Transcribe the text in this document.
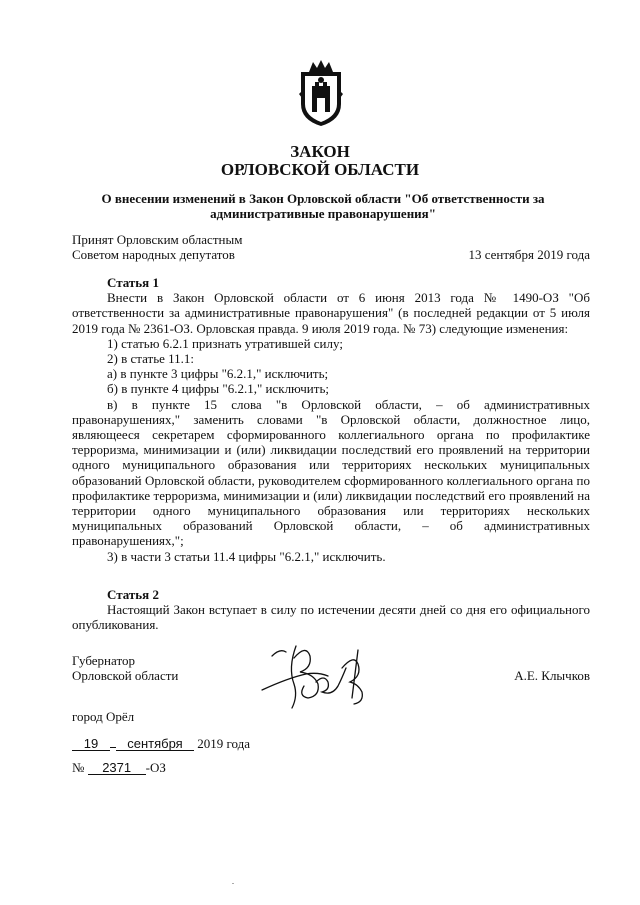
ЗАКОН
ОРЛОВСКОЙ ОБЛАСТИ
О внесении изменений в Закон Орловской области "Об ответственности за
административные правонарушения"
Принят Орловским областным
Советом народных депутатов	13 сентября 2019 года
Статья 1
Внести в Закон Орловской области от 6 июня 2013 года № 1490-ОЗ "Об ответственности за административные правонарушения" (в последней редакции от 5 июля 2019 года № 2361-ОЗ. Орловская правда. 9 июля 2019 года. № 73) следующие изменения:
1) статью 6.2.1 признать утратившей силу;
2) в статье 11.1:
а) в пункте 3 цифры "6.2.1," исключить;
б) в пункте 4 цифры "6.2.1," исключить;
в) в пункте 15 слова "в Орловской области, – об административных правонарушениях," заменить словами "в Орловской области, должностное лицо, являющееся секретарем сформированного коллегиального органа по профилактике терроризма, минимизации и (или) ликвидации последствий его проявлений на территории одного муниципального образования или территориях нескольких муниципальных образований Орловской области, руководителем сформированного коллегиального органа по профилактике терроризма, минимизации и (или) ликвидации последствий его проявлений на территории одного муниципального образования или территориях нескольких муниципальных образований Орловской области, – об административных правонарушениях,";
3) в части 3 статьи 11.4 цифры "6.2.1," исключить.
Статья 2
Настоящий Закон вступает в силу по истечении десяти дней со дня его официального опубликования.
Губернатор
Орловской области	А.Е. Клычков
город Орёл
19 сентября 2019 года
№ 2371 -ОЗ
